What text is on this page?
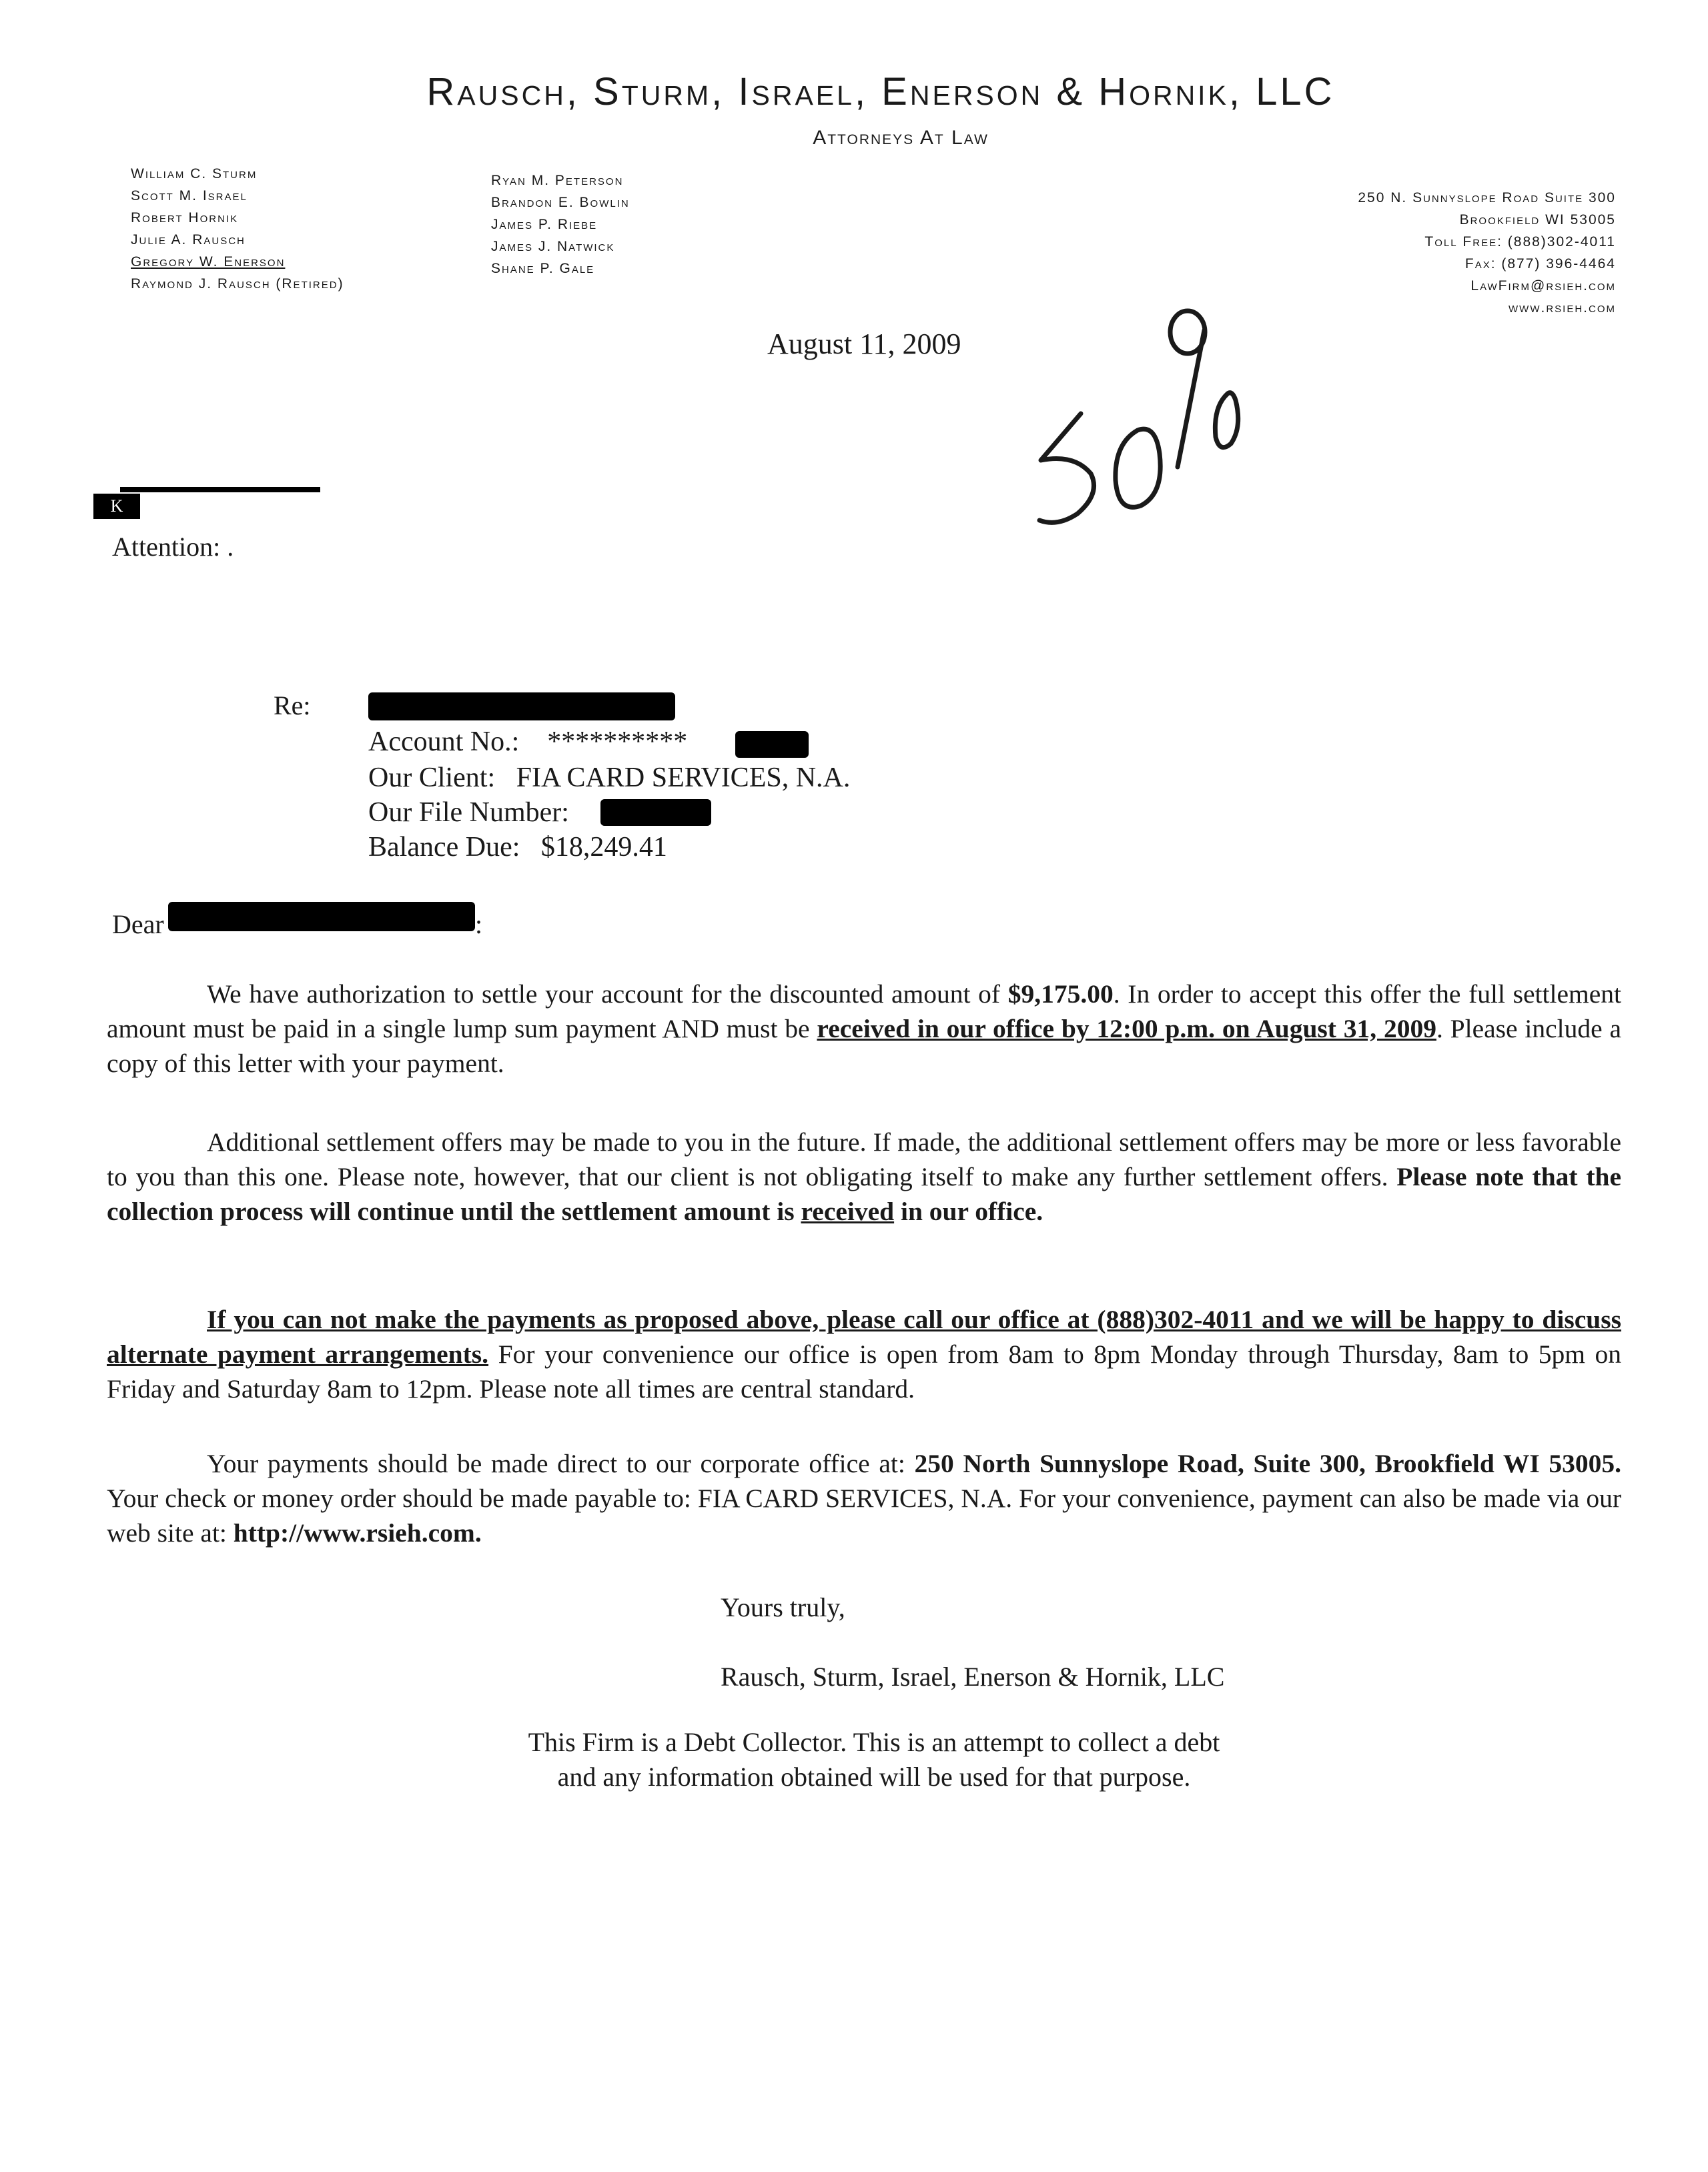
Rausch, Sturm, Israel, Enerson & Hornik, LLC
Attorneys At Law
William C. Sturm
Scott M. Israel
Robert Hornik
Julie A. Rausch
Gregory W. Enerson
Raymond J. Rausch (Retired)
Ryan M. Peterson
Brandon E. Bowlin
James P. Riebe
James J. Natwick
Shane P. Gale
250 N. Sunnyslope Road Suite 300
Brookfield WI 53005
Toll Free: (888)302-4011
Fax: (877) 396-4464
LawFirm@rsieh.com
www.rsieh.com
August 11, 2009
K
Attention: .
Re:
Account No.: **********
Our Client: FIA CARD SERVICES, N.A.
Our File Number:
Balance Due: $18,249.41
Dear	:

We have authorization to settle your account for the discounted amount of $9,175.00. In order to accept this offer the full settlement amount must be paid in a single lump sum payment AND must be received in our office by 12:00 p.m. on August 31, 2009. Please include a copy of this letter with your payment.

Additional settlement offers may be made to you in the future. If made, the additional settlement offers may be more or less favorable to you than this one. Please note, however, that our client is not obligating itself to make any further settlement offers. Please note that the collection process will continue until the settlement amount is received in our office.

If you can not make the payments as proposed above, please call our office at (888)302-4011 and we will be happy to discuss alternate payment arrangements. For your convenience our office is open from 8am to 8pm Monday through Thursday, 8am to 5pm on Friday and Saturday 8am to 12pm. Please note all times are central standard.

Your payments should be made direct to our corporate office at: 250 North Sunnyslope Road, Suite 300, Brookfield WI 53005. Your check or money order should be made payable to: FIA CARD SERVICES, N.A. For your convenience, payment can also be made via our web site at: http://www.rsieh.com.

Yours truly,
Rausch, Sturm, Israel, Enerson & Hornik, LLC
This Firm is a Debt Collector. This is an attempt to collect a debt
and any information obtained will be used for that purpose.
